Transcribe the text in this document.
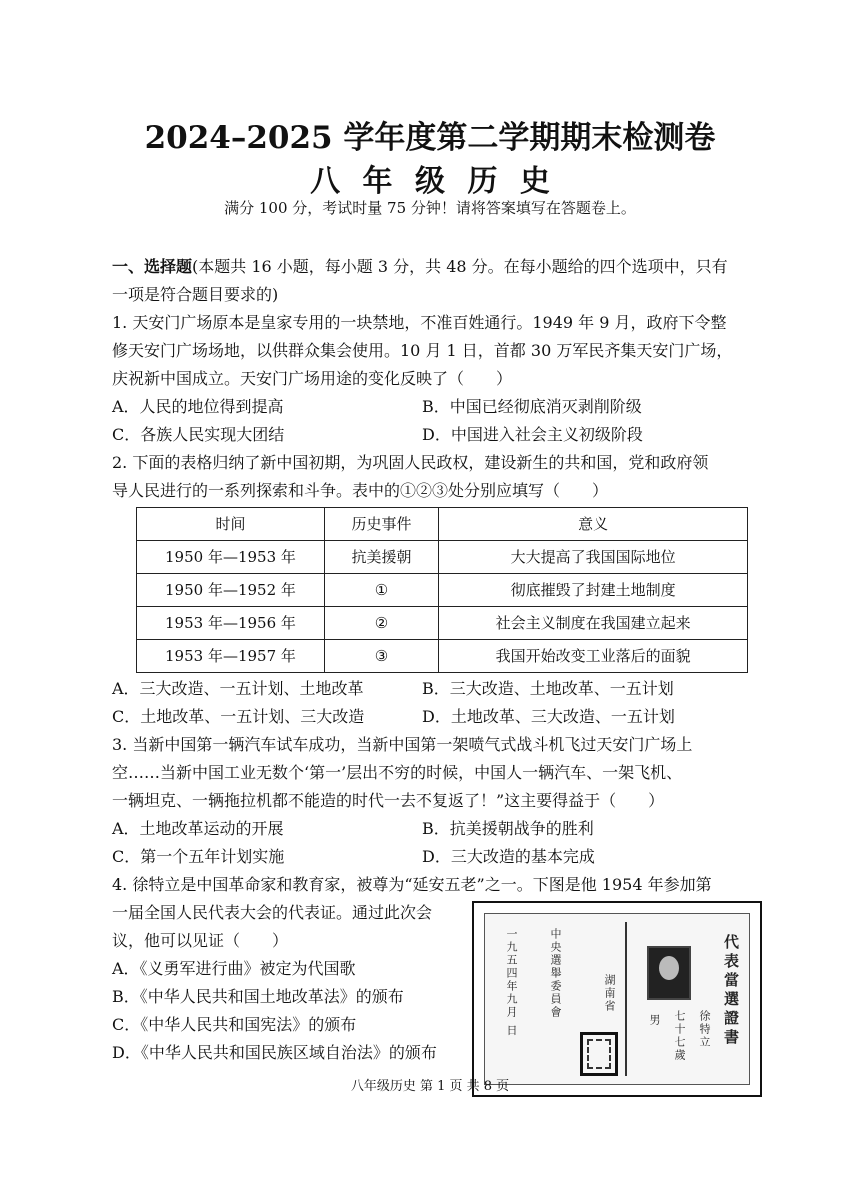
2024–2025 学年度第二学期期末检测卷
八 年 级 历 史
满分 100 分，考试时量 75 分钟！请将答案填写在答题卷上。
一、选择题(本题共 16 小题，每小题 3 分，共 48 分。在每小题给的四个选项中，只有
一项是符合题目要求的)
1. 天安门广场原本是皇家专用的一块禁地，不准百姓通行。1949 年 9 月，政府下令整
修天安门广场场地，以供群众集会使用。10 月 1 日，首都 30 万军民齐集天安门广场，
庆祝新中国成立。天安门广场用途的变化反映了（　　）
A．人民的地位得到提高	B．中国已经彻底消灭剥削阶级
C．各族人民实现大团结	D．中国进入社会主义初级阶段
2. 下面的表格归纳了新中国初期，为巩固人民政权，建设新生的共和国，党和政府领
导人民进行的一系列探索和斗争。表中的①②③处分别应填写（　　）
时间	历史事件	意义
1950 年—1953 年	抗美援朝	大大提高了我国国际地位
1950 年—1952 年	①	彻底摧毁了封建土地制度
1953 年—1956 年	②	社会主义制度在我国建立起来
1953 年—1957 年	③	我国开始改变工业落后的面貌
A．三大改造、一五计划、土地改革	B．三大改造、土地改革、一五计划
C．土地改革、一五计划、三大改造	D．土地改革、三大改造、一五计划
3. 当新中国第一辆汽车试车成功，当新中国第一架喷气式战斗机飞过天安门广场上
空……当新中国工业无数个‘第一’层出不穷的时候，中国人一辆汽车、一架飞机、
一辆坦克、一辆拖拉机都不能造的时代一去不复返了！”这主要得益于（　　）
A．土地改革运动的开展	B．抗美援朝战争的胜利
C．第一个五年计划实施	D．三大改造的基本完成
4. 徐特立是中国革命家和教育家，被尊为“延安五老”之一。下图是他 1954 年参加第
一届全国人民代表大会的代表证。通过此次会
议，他可以见证（　　）
A．《义勇军进行曲》被定为代国歌
B．《中华人民共和国土地改革法》的颁布
C．《中华人民共和国宪法》的颁布
D．《中华人民共和国民族区域自治法》的颁布
一九五四年九月 日	中央選舉委員會	湖南省
男	七十七歲	徐特立 代表當選證書
八年级历史 第 1 页 共 8 页
